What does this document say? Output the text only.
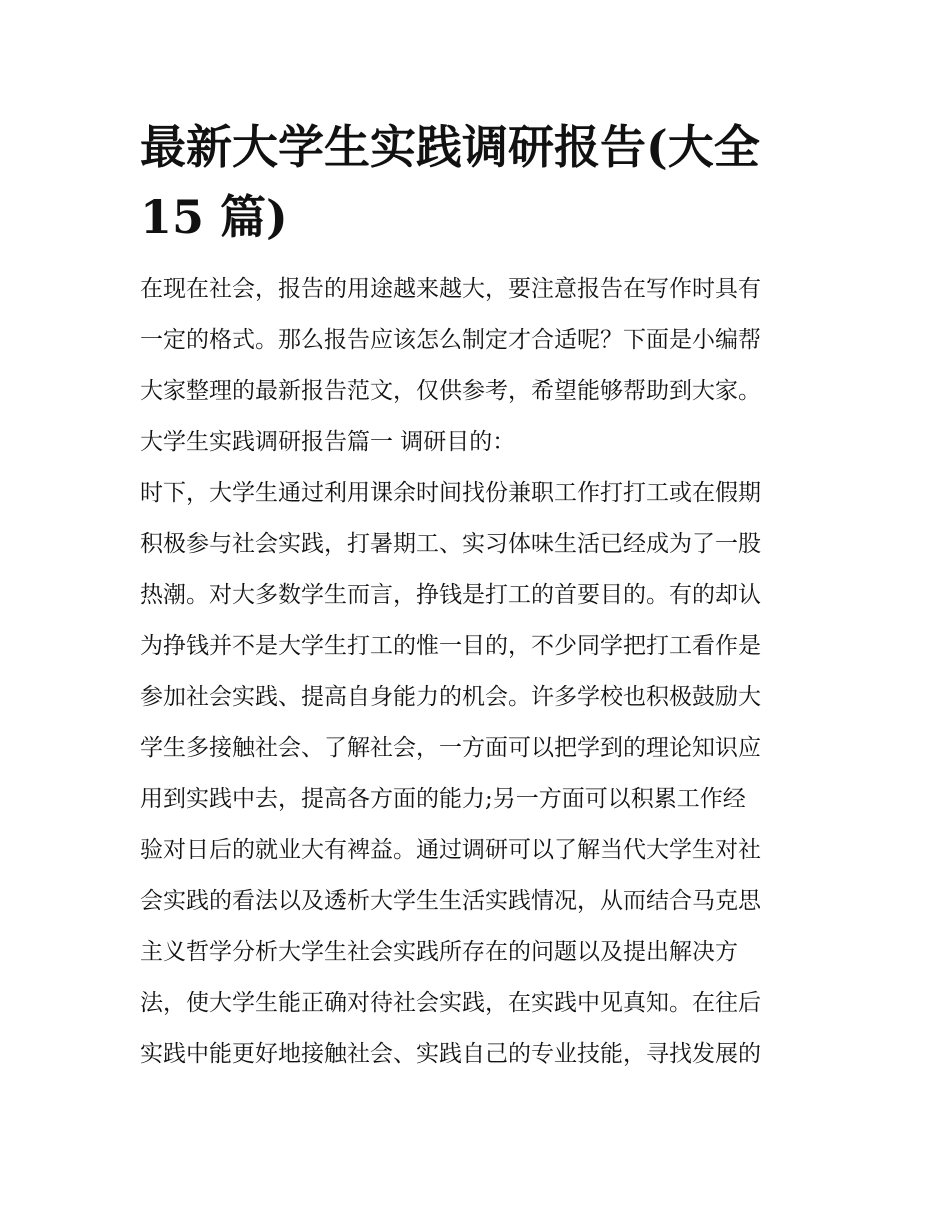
最新大学生实践调研报告(大全
15 篇)
在现在社会，报告的用途越来越大，要注意报告在写作时具有
一定的格式。那么报告应该怎么制定才合适呢？下面是小编帮
大家整理的最新报告范文，仅供参考，希望能够帮助到大家。
大学生实践调研报告篇一 调研目的：
时下，大学生通过利用课余时间找份兼职工作打打工或在假期
积极参与社会实践，打暑期工、实习体味生活已经成为了一股
热潮。对大多数学生而言，挣钱是打工的首要目的。有的却认
为挣钱并不是大学生打工的惟一目的，不少同学把打工看作是
参加社会实践、提高自身能力的机会。许多学校也积极鼓励大
学生多接触社会、了解社会，一方面可以把学到的理论知识应
用到实践中去，提高各方面的能力;另一方面可以积累工作经
验对日后的就业大有裨益。通过调研可以了解当代大学生对社
会实践的看法以及透析大学生生活实践情况，从而结合马克思
主义哲学分析大学生社会实践所存在的问题以及提出解决方
法，使大学生能正确对待社会实践，在实践中见真知。在往后
实践中能更好地接触社会、实践自己的专业技能，寻找发展的
